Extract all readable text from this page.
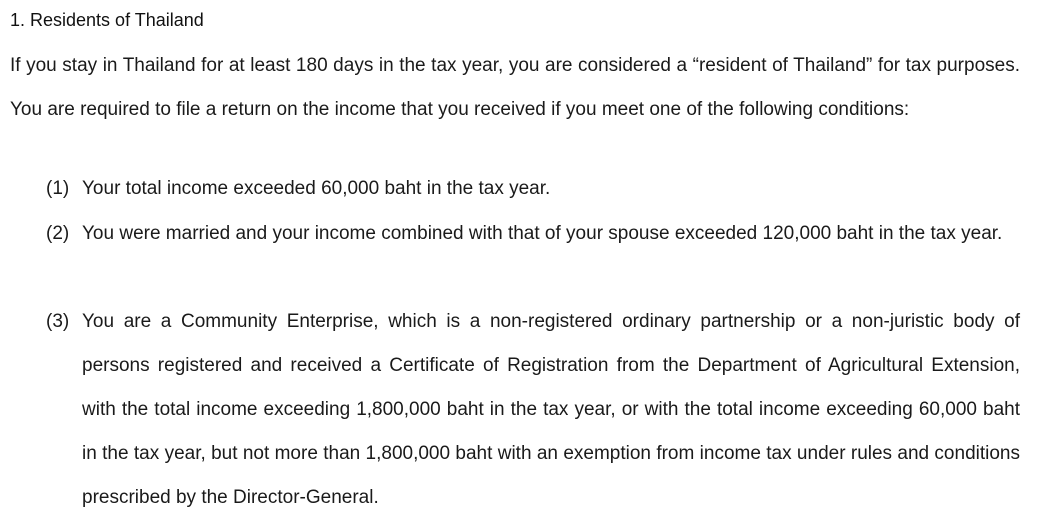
1. Residents of Thailand

If you stay in Thailand for at least 180 days in the tax year, you are considered a “resident of Thailand” for tax purposes. You are required to file a return on the income that you received if you meet one of the following conditions:

(1) Your total income exceeded 60,000 baht in the tax year.
(2) You were married and your income combined with that of your spouse exceeded 120,000 baht in the tax year.
(3) You are a Community Enterprise, which is a non-registered ordinary partnership or a non-juristic body of persons registered and received a Certificate of Registration from the Department of Agricultural Extension, with the total income exceeding 1,800,000 baht in the tax year, or with the total income exceeding 60,000 baht in the tax year, but not more than 1,800,000 baht with an exemption from income tax under rules and conditions prescribed by the Director-General.
